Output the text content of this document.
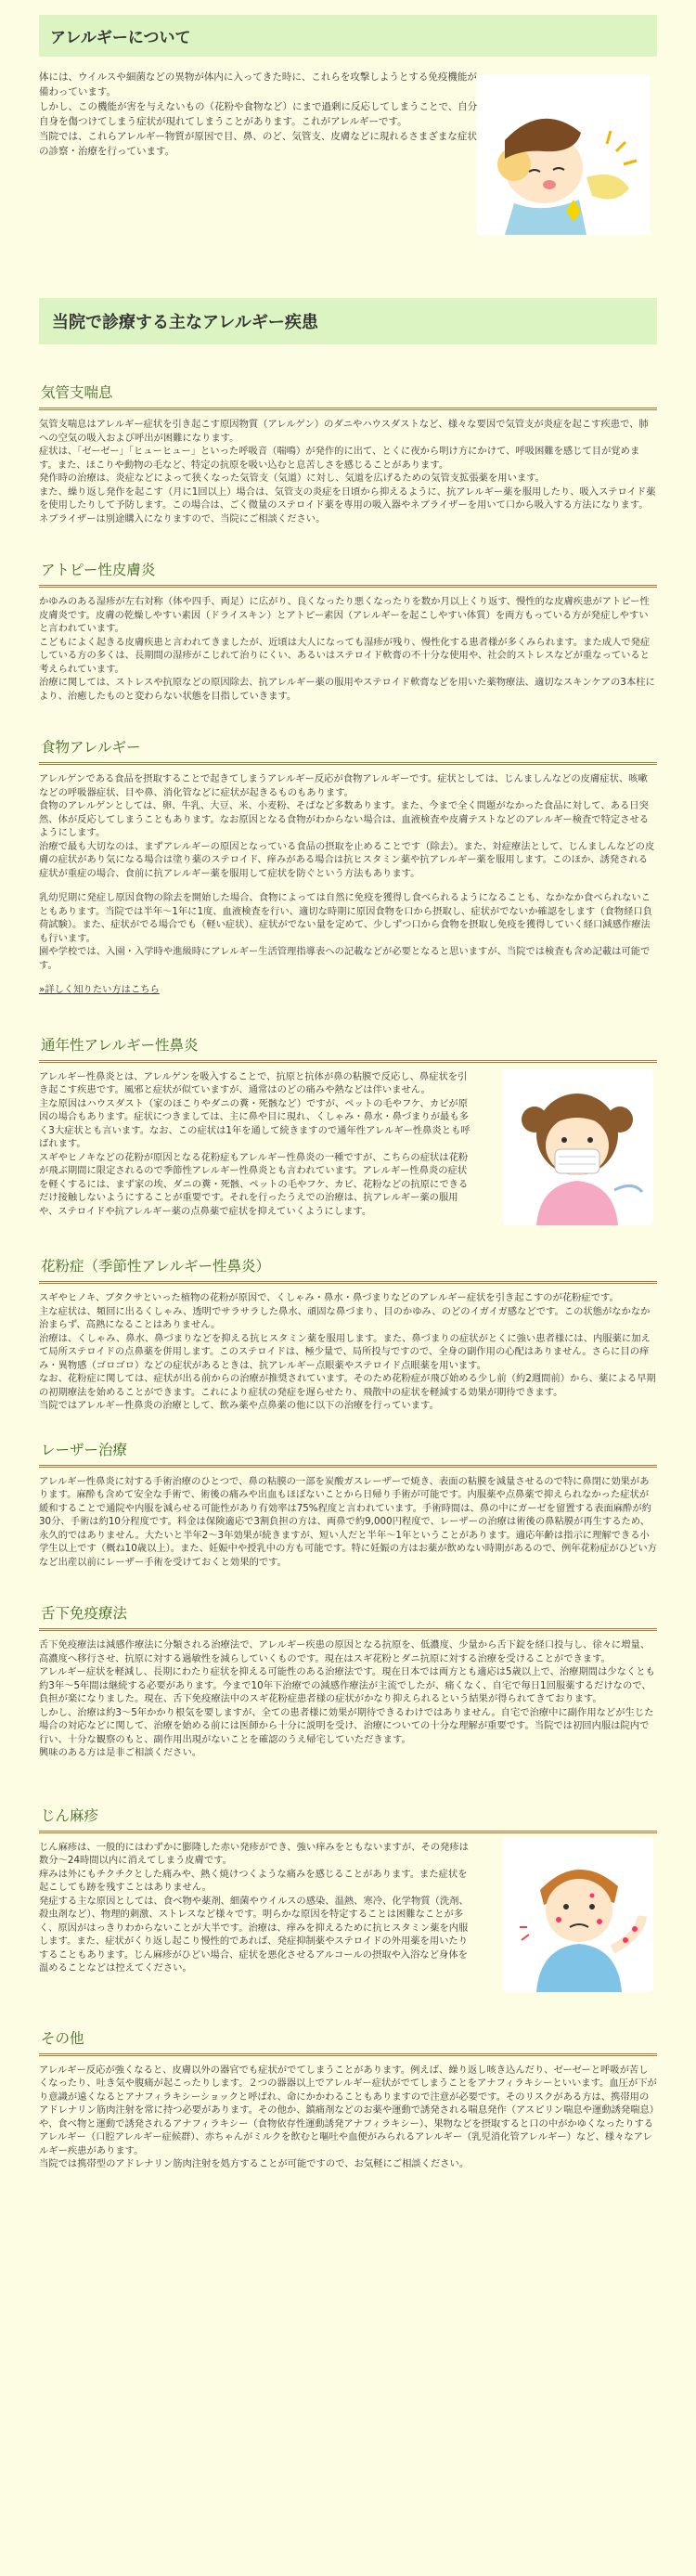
アレルギーについて

体には、ウイルスや細菌などの異物が体内に入ってきた時に、これらを攻撃しようとする免疫機能が備わっています。

しかし、この機能が害を与えないもの（花粉や食物など）にまで過剰に反応してしまうことで、自分自身を傷つけてしまう症状が現れてしまうことがあります。これがアレルギーです。

当院では、これらアレルギー物質が原因で目、鼻、のど、気管支、皮膚などに現れるさまざまな症状の診察・治療を行っています。

当院で診療する主なアレルギー疾患
気管支喘息

気管支喘息はアレルギー症状を引き起こす原因物質（アレルゲン）のダニやハウスダストなど、様々な要因で気管支が炎症を起こす疾患で、肺への空気の吸入および呼出が困難になります。

症状は、「ゼーゼー」「ヒューヒュー」といった呼吸音（喘鳴）が発作的に出て、とくに夜から明け方にかけて、呼吸困難を感じて目が覚めます。また、ほこりや動物の毛など、特定の抗原を吸い込むと息苦しさを感じることがあります。

発作時の治療は、炎症などによって狭くなった気管支（気道）に対し、気道を広げるための気管支拡張薬を用います。

また、繰り返し発作を起こす（月に1回以上）場合は、気管支の炎症を日頃から抑えるように、抗アレルギー薬を服用したり、吸入ステロイド薬を使用したりして予防します。この場合は、ごく微量のステロイド薬を専用の吸入器やネブライザーを用いて口から吸入する方法になります。ネブライザーは別途購入になりますので、当院にご相談ください。

アトピー性皮膚炎

かゆみのある湿疹が左右対称（体や四手、両足）に広がり、良くなったり悪くなったりを数か月以上くり返す、慢性的な皮膚疾患がアトピー性皮膚炎です。皮膚の乾燥しやすい素因（ドライスキン）とアトピー素因（アレルギーを起こしやすい体質）を両方もっている方が発症しやすいと言われています。

こどもによく起きる皮膚疾患と言われてきましたが、近頃は大人になっても湿疹が残り、慢性化する患者様が多くみられます。また成人で発症している方の多くは、長期間の湿疹がこじれて治りにくい、あるいはステロイド軟膏の不十分な使用や、社会的ストレスなどが重なっていると考えられています。

治療に関しては、ストレスや抗原などの原因除去、抗アレルギー薬の服用やステロイド軟膏などを用いた薬物療法、適切なスキンケアの3本柱により、治癒したものと変わらない状態を目指していきます。

食物アレルギー

アレルゲンである食品を摂取することで起きてしまうアレルギー反応が食物アレルギーです。症状としては、じんましんなどの皮膚症状、咳嗽などの呼吸器症状、目や鼻、消化管などに症状が起きるものもあります。

食物のアレルゲンとしては、卵、牛乳、大豆、米、小麦粉、そばなど多数あります。また、今まで全く問題がなかった食品に対して、ある日突然、体が反応してしまうこともあります。なお原因となる食物がわからない場合は、血液検査や皮膚テストなどのアレルギー検査で特定させるようにします。

治療で最も大切なのは、まずアレルギーの原因となっている食品の摂取を止めることです（除去）。また、対症療法として、じんましんなどの皮膚の症状があり気になる場合は塗り薬のステロイド、痒みがある場合は抗ヒスタミン薬や抗アレルギー薬を服用します。このほか、誘発される症状が重症の場合、食前に抗アレルギー薬を服用して症状を防ぐという方法もあります。

乳幼児期に発症し原因食物の除去を開始した場合、食物によっては自然に免疫を獲得し食べられるようになることも、なかなか食べられないこともあります。当院では半年〜1年に1度、血液検査を行い、適切な時期に原因食物を口から摂取し、症状がでないか確認をします（食物経口負荷試験）。また、症状がでる場合でも（軽い症状）、症状がでない量を定めて、少しずつ口から食物を摂取し免疫を獲得していく経口減感作療法も行います。

園や学校では、入園・入学時や進級時にアレルギー生活管理指導表への記載などが必要となると思いますが、当院では検査も含め記載は可能です。

»詳しく知りたい方はこちら

通年性アレルギー性鼻炎

アレルギー性鼻炎とは、アレルゲンを吸入することで、抗原と抗体が鼻の粘膜で反応し、鼻症状を引き起こす疾患です。風邪と症状が似ていますが、通常はのどの痛みや熱などは伴いません。

主な原因はハウスダスト（家のほこりやダニの糞・死骸など）ですが、ペットの毛やフケ、カビが原因の場合もあります。症状につきましては、主に鼻や目に現れ、くしゃみ・鼻水・鼻づまりが最も多く3大症状とも言います。なお、この症状は1年を通して続きますので通年性アレルギー性鼻炎とも呼ばれます。

スギやヒノキなどの花粉が原因となる花粉症もアレルギー性鼻炎の一種ですが、こちらの症状は花粉が飛ぶ期間に限定されるので季節性アレルギー性鼻炎とも言われています。アレルギー性鼻炎の症状を軽くするには、まず家の埃、ダニの糞・死骸、ペットの毛やフケ、カビ、花粉などの抗原にできるだけ接触しないようにすることが重要です。それを行ったうえでの治療は、抗アレルギー薬の服用や、ステロイドや抗アレルギー薬の点鼻薬で症状を抑えていくようにします。

花粉症（季節性アレルギー性鼻炎）

スギやヒノキ、ブタクサといった植物の花粉が原因で、くしゃみ・鼻水・鼻づまりなどのアレルギー症状を引き起こすのが花粉症です。

主な症状は、頻回に出るくしゃみ、透明でサラサラした鼻水、頑固な鼻づまり、目のかゆみ、のどのイガイガ感などです。この状態がなかなか治まらず、高熱になることはありません。

治療は、くしゃみ、鼻水、鼻づまりなどを抑える抗ヒスタミン薬を服用します。また、鼻づまりの症状がとくに強い患者様には、内服薬に加えて局所ステロイドの点鼻薬を併用します。このステロイドは、極少量で、局所投与ですので、全身の副作用の心配はありません。さらに目の痒み・異物感（ゴロゴロ）などの症状があるときは、抗アレルギー点眼薬やステロイド点眼薬を用います。

なお、花粉症に関しては、症状が出る前からの治療が推奨されています。そのため花粉症が飛び始める少し前（約2週間前）から、薬による早期の初期療法を始めることができます。これにより症状の発症を遅らせたり、飛散中の症状を軽減する効果が期待できます。

当院ではアレルギー性鼻炎の治療として、飲み薬や点鼻薬の他に以下の治療を行っています。

レーザー治療

アレルギー性鼻炎に対する手術治療のひとつで、鼻の粘膜の一部を炭酸ガスレーザーで焼き、表面の粘膜を減量させるので特に鼻閉に効果があります。麻酔も含めて安全な手術で、術後の痛みや出血もほぼないことから日帰り手術が可能です。内服薬や点鼻薬で抑えられなかった症状が緩和することで通院や内服を減らせる可能性があり有効率は75%程度と言われています。手術時間は、鼻の中にガーゼを留置する表面麻酔が約30分、手術は約10分程度です。料金は保険適応で3割負担の方は、両鼻で約9,000円程度で、レーザーの治療は術後の鼻粘膜が再生するため、永久的ではありません。大たいと半年2〜3年効果が続きますが、短い人だと半年〜1年ということがあります。適応年齢は指示に理解できる小学生以上です（概ね10歳以上）。また、妊娠中や授乳中の方も可能です。特に妊娠の方はお薬が飲めない時期があるので、例年花粉症がひどい方など出産以前にレーザー手術を受けておくと効果的です。

舌下免疫療法

舌下免疫療法は減感作療法に分類される治療法で、アレルギー疾患の原因となる抗原を、低濃度、少量から舌下錠を経口投与し、徐々に増量、高濃度へ移行させ、抗原に対する過敏性を減らしていくものです。現在はスギ花粉とダニ抗原に対する治療を受けることができます。

アレルギー症状を軽減し、長期にわたり症状を抑える可能性のある治療法です。現在日本では両方とも適応は5歳以上で、治療期間は少なくとも約3年〜5年間は継続する必要があります。今まで10年下治療での減感作療法が主流でしたが、痛くなく、自宅で毎日1回服薬するだけなので、負担が楽になりました。現在、舌下免疫療法中のスギ花粉症患者様の症状がかなり抑えられるという結果が得られてきております。

しかし、治療は約3〜5年かかり根気を要しますが、全ての患者様に効果が期待できるわけではありません。自宅で治療中に副作用などが生じた場合の対応などに関して、治療を始める前には医師から十分に説明を受け、治療についての十分な理解が重要です。当院では初回内服は院内で行い、十分な観察のもと、副作用出現がないことを確認のうえ帰宅していただきます。

興味のある方は是非ご相談ください。

じん麻疹

じん麻疹は、一般的にはわずかに膨隆した赤い発疹ができ、強い痒みをともないますが、その発疹は数分〜24時間以内に消えてしまう皮膚です。

痒みは外にもチクチクとした痛みや、熱く焼けつくような痛みを感じることがあります。また症状を起こしても跡を残すことはありません。

発症する主な原因としては、食べ物や薬剤、細菌やウイルスの感染、温熱、寒冷、化学物質（洗剤、殺虫剤など）、物理的刺激、ストレスなど様々です。明らかな原因を特定することは困難なことが多く、原因がはっきりわからないことが大半です。治療は、痒みを抑えるために抗ヒスタミン薬を内服します。また、症状がくり返し起こり慢性的であれば、発症抑制薬やステロイドの外用薬を用いたりすることもあります。じん麻疹がひどい場合、症状を悪化させるアルコールの摂取や入浴など身体を温めることなどは控えてください。

その他

アレルギー反応が強くなると、皮膚以外の器官でも症状がでてしまうことがあります。例えば、繰り返し咳き込んだり、ゼーゼーと呼吸が苦しくなったり、吐き気や腹痛が起こったりします。２つの器器以上でアレルギー症状がでてしまうことをアナフィラキシーといいます。血圧が下がり意識が遠くなるとアナフィラキシーショックと呼ばれ、命にかかわることもありますので注意が必要です。そのリスクがある方は、携帯用のアドレナリン筋肉注射を常に持つ必要があります。その他か、鎮痛剤などのお薬や運動で誘発される喘息発作（アスピリン喘息や運動誘発喘息）や、食べ物と運動で誘発されるアナフィラキシー（食物依存性運動誘発アナフィラキシー）、果物などを摂取すると口の中がかゆくなったりするアレルギー（口腔アレルギー症候群）、赤ちゃんがミルクを飲むと嘔吐や血便がみられるアレルギー（乳児消化管アレルギー）など、様々なアレルギー疾患があります。

当院では携帯型のアドレナリン筋肉注射を処方することが可能ですので、お気軽にご相談ください。
